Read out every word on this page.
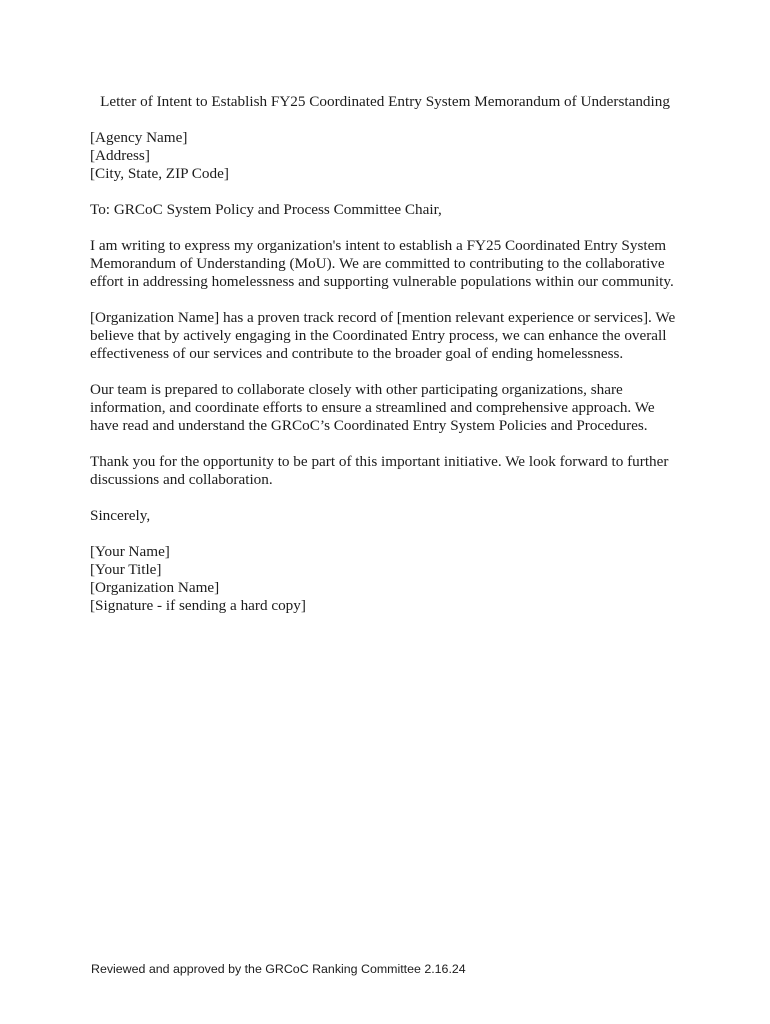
Letter of Intent to Establish FY25 Coordinated Entry System Memorandum of Understanding
[Agency Name]
[Address]
[City, State, ZIP Code]
To: GRCoC System Policy and Process Committee Chair,
I am writing to express my organization's intent to establish a FY25 Coordinated Entry System
Memorandum of Understanding (MoU). We are committed to contributing to the collaborative
effort in addressing homelessness and supporting vulnerable populations within our community.
[Organization Name] has a proven track record of [mention relevant experience or services]. We
believe that by actively engaging in the Coordinated Entry process, we can enhance the overall
effectiveness of our services and contribute to the broader goal of ending homelessness.
Our team is prepared to collaborate closely with other participating organizations, share
information, and coordinate efforts to ensure a streamlined and comprehensive approach. We
have read and understand the GRCoC’s Coordinated Entry System Policies and Procedures.
Thank you for the opportunity to be part of this important initiative. We look forward to further
discussions and collaboration.
Sincerely,
[Your Name]
[Your Title]
[Organization Name]
[Signature - if sending a hard copy]
Reviewed and approved by the GRCoC Ranking Committee 2.16.24
